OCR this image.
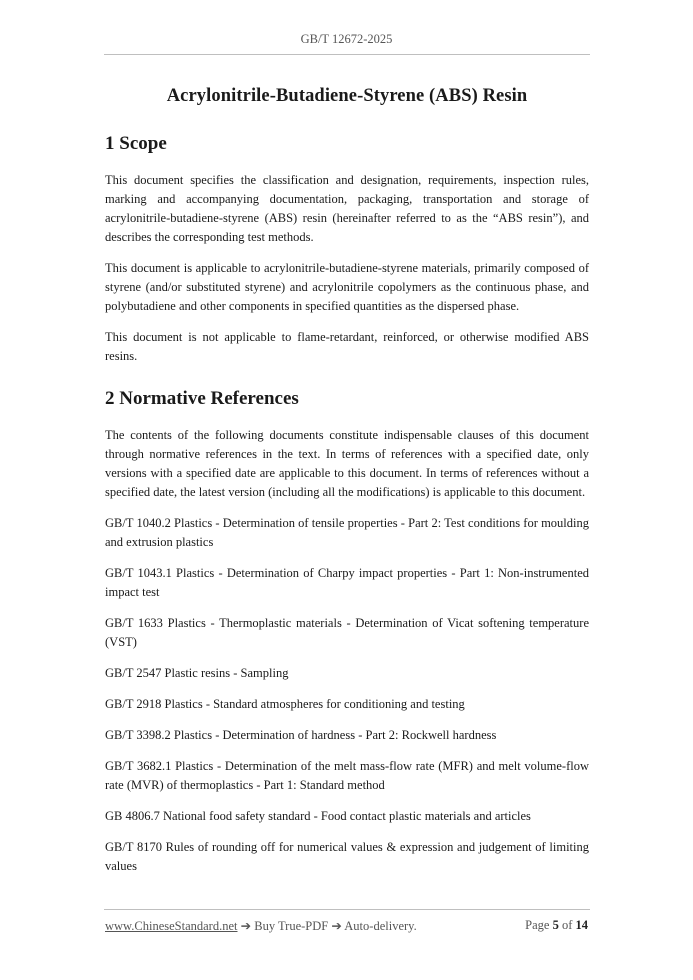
GB/T 12672-2025
Acrylonitrile-Butadiene-Styrene (ABS) Resin
1 Scope

This document specifies the classification and designation, requirements, inspection rules, marking and accompanying documentation, packaging, transportation and storage of acrylonitrile-butadiene-styrene (ABS) resin (hereinafter referred to as the “ABS resin”), and describes the corresponding test methods.

This document is applicable to acrylonitrile-butadiene-styrene materials, primarily composed of styrene (and/or substituted styrene) and acrylonitrile copolymers as the continuous phase, and polybutadiene and other components in specified quantities as the dispersed phase.

This document is not applicable to flame-retardant, reinforced, or otherwise modified ABS resins.

2 Normative References

The contents of the following documents constitute indispensable clauses of this document through normative references in the text. In terms of references with a specified date, only versions with a specified date are applicable to this document. In terms of references without a specified date, the latest version (including all the modifications) is applicable to this document.

GB/T 1040.2 Plastics - Determination of tensile properties - Part 2: Test conditions for moulding and extrusion plastics

GB/T 1043.1 Plastics - Determination of Charpy impact properties - Part 1: Non-instrumented impact test

GB/T 1633 Plastics - Thermoplastic materials - Determination of Vicat softening temperature (VST)

GB/T 2547 Plastic resins - Sampling

GB/T 2918 Plastics - Standard atmospheres for conditioning and testing

GB/T 3398.2 Plastics - Determination of hardness - Part 2: Rockwell hardness

GB/T 3682.1 Plastics - Determination of the melt mass-flow rate (MFR) and melt volume-flow rate (MVR) of thermoplastics - Part 1: Standard method

GB 4806.7 National food safety standard - Food contact plastic materials and articles

GB/T 8170 Rules of rounding off for numerical values & expression and judgement of limiting values

www.ChineseStandard.net ➔ Buy True-PDF ➔ Auto-delivery.	Page 5 of 14
